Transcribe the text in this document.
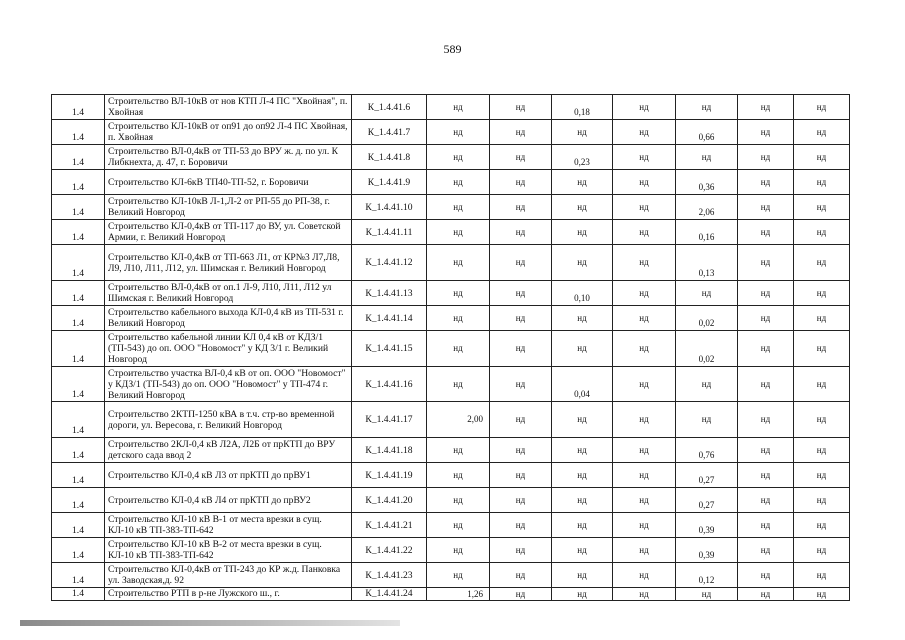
589
1.4	Строительство ВЛ-10кВ от нов КТП Л-4 ПС "Хвойная", п. Хвойная	К_1.4.41.6	нд	нд	0,18	нд	нд	нд	нд
1.4	Строительство КЛ-10кВ от оп91 до оп92 Л-4 ПС Хвойная, п. Хвойная	К_1.4.41.7	нд	нд	нд	нд	0,66	нд	нд
1.4	Строительство ВЛ-0,4кВ от ТП-53 до ВРУ ж. д. по ул. К Либкнехта, д. 47, г. Боровичи	К_1.4.41.8	нд	нд	0,23	нд	нд	нд	нд
1.4	Строительство КЛ-6кВ ТП40-ТП-52, г. Боровичи	К_1.4.41.9	нд	нд	нд	нд	0,36	нд	нд
1.4	Строительство КЛ-10кВ Л-1,Л-2 от РП-55 до РП-38, г. Великий Новгород	К_1.4.41.10	нд	нд	нд	нд	2,06	нд	нд
1.4	Строительство КЛ-0,4кВ от ТП-117 до ВУ, ул. Советской Армии, г. Великий Новгород	К_1.4.41.11	нд	нд	нд	нд	0,16	нд	нд
1.4	Строительство КЛ-0,4кВ от ТП-663 Л1, от КР№3 Л7,Л8, Л9, Л10, Л11, Л12, ул. Шимская г. Великий Новгород	К_1.4.41.12	нд	нд	нд	нд	0,13	нд	нд
1.4	Строительство ВЛ-0,4кВ от оп.1 Л-9, Л10, Л11, Л12 ул Шимская г. Великий Новгород	К_1.4.41.13	нд	нд	0,10	нд	нд	нд	нд
1.4	Строительство кабельного выхода КЛ-0,4 кВ из ТП-531 г. Великий Новгород	К_1.4.41.14	нд	нд	нд	нд	0,02	нд	нд
1.4	Строительство кабельной линии КЛ 0,4 кВ от КДЗ/1 (ТП-543) до оп. ООО "Новомост" у КД 3/1 г. Великий Новгород	К_1.4.41.15	нд	нд	нд	нд	0,02	нд	нд
1.4	Строительство участка ВЛ-0,4 кВ от оп. ООО "Новомост" у КДЗ/1 (ТП-543) до оп. ООО "Новомост" у ТП-474 г. Великий Новгород	К_1.4.41.16	нд	нд	0,04	нд	нд	нд	нд
1.4	Строительство 2КТП-1250 кВА в т.ч. стр-во временной дороги, ул. Вересова, г. Великий Новгород	К_1.4.41.17	2,00	нд	нд	нд	нд	нд	нд
1.4	Строительство 2КЛ-0,4 кВ Л2А, Л2Б от прКТП до ВРУ детского сада ввод 2	К_1.4.41.18	нд	нд	нд	нд	0,76	нд	нд
1.4	Строительство КЛ-0,4 кВ Л3 от прКТП до прВУ1	К_1.4.41.19	нд	нд	нд	нд	0,27	нд	нд
1.4	Строительство КЛ-0,4 кВ Л4 от прКТП до прВУ2	К_1.4.41.20	нд	нд	нд	нд	0,27	нд	нд
1.4	Строительство КЛ-10 кВ В-1 от места врезки в сущ. КЛ-10 кВ ТП-383-ТП-642	К_1.4.41.21	нд	нд	нд	нд	0,39	нд	нд
1.4	Строительство КЛ-10 кВ В-2 от места врезки в сущ. КЛ-10 кВ ТП-383-ТП-642	К_1.4.41.22	нд	нд	нд	нд	0,39	нд	нд
1.4	Строительство КЛ-0,4кВ от ТП-243 до КР ж.д. Панковка ул. Заводская,д. 92	К_1.4.41.23	нд	нд	нд	нд	0,12	нд	нд
1.4	Строительство РТП в р-не Лужского ш., г.	К_1.4.41.24	1,26	нд	нд	нд	нд	нд	нд
